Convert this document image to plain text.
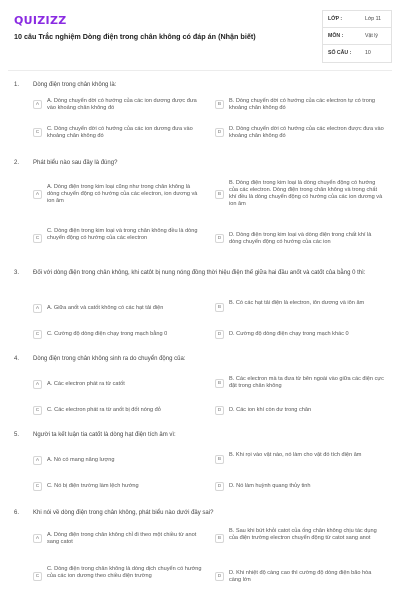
QUIZIZZ
10 câu Trắc nghiệm Dòng điện trong chân không có đáp án (Nhận biết)
LỚP :	Lớp 11
MÔN :	Vật lý
SỐ CÂU :	10
1. Dòng điện trong chân không là:
A
A. Dòng chuyển dời có hướng của các ion dương được đưa vào khoảng chân không đó
B
B. Dòng chuyển dời có hướng của các electron tự có trong khoảng chân không đó
C
C. Dòng chuyển dời có hướng của các ion dương đưa vào khoảng chân không đó
D
D. Dòng chuyển dời có hướng của các electron được đưa vào khoảng chân không đó
2. Phát biểu nào sau đây là đúng?
A
A. Dòng điện trong kim loại cũng như trong chân không là dòng chuyển động có hướng của các electron, ion dương và ion âm
B
B. Dòng điện trong kim loại là dòng chuyển động có hướng của các electron. Dòng điện trong chân không và trong chất khí đều là dòng chuyển động có hướng của các ion dương và ion âm
C
C. Dòng điện trong kim loại và trong chân không đều là dòng chuyển động có hướng của các electron	D
D. Dòng điện trong kim loại và dòng điện trong chất khí là dòng chuyển động có hướng của các ion
3. Đối với dòng điện trong chân không, khi catôt bị nung nóng đồng thời hiệu điện thế giữa hai đầu anốt và catốt của bằng 0 thì:
A	A. Giữa anốt và catốt không có các hạt tải điện	B
B. Có các hạt tải điện là electron, iôn dương và iôn âm
C	C. Cường độ dòng điện chạy trong mạch bằng 0	D	D. Cường độ dòng điện chạy trong mạch khác 0
4. Dòng điện trong chân không sinh ra do chuyển động của:
A	A. Các electron phát ra từ catốt	B
B. Các electron mà ta đưa từ bên ngoài vào giữa các điện cực đặt trong chân không
C	C. Các electron phát ra từ anốt bị đốt nóng đỏ	D	D. Các ion khí còn dư trong chân
5. Người ta kết luận tia catốt là dòng hạt điện tích âm vì:
A	A. Nó có mang năng lượng	B
B. Khi rọi vào vật nào, nó làm cho vật đó tích điện âm
C	C. Nó bị điện trường làm lệch hướng	D	D. Nó làm huỳnh quang thủy tinh
6. Khi nói về dòng điện trong chân không, phát biểu nào dưới đây sai?
A
A. Dòng điện trong chân không chỉ đi theo một chiều từ anot sang catot
B
B. Sau khi bứt khỏi catot của ống chân không chịu tác dụng của điện trường electron chuyển động từ catot sang anot
C
C. Dòng điện trong chân không là dòng dịch chuyển có hướng của các ion dương theo chiều điện trường	D
D. Khi nhiệt độ càng cao thì cường độ dòng điện bão hòa càng lớn
